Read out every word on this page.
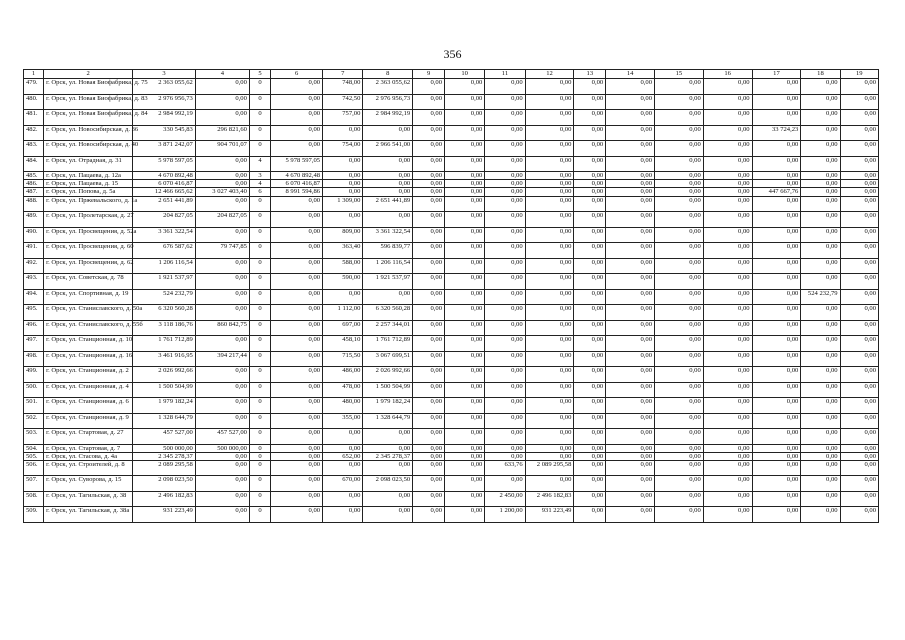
356
1	2	3	4	5	6	7	8	9	10	11	12	13	14	15	16	17	18	19
479.	г. Орск, ул. Новая Биофабрика, д. 75	2 363 055,62	0,00	0	0,00	748,00	2 363 055,62	0,00	0,00	0,00	0,00	0,00	0,00	0,00	0,00	0,00	0,00	0,00
480.	г. Орск, ул. Новая Биофабрика, д. 83	2 976 956,73	0,00	0	0,00	742,50	2 976 956,73	0,00	0,00	0,00	0,00	0,00	0,00	0,00	0,00	0,00	0,00	0,00
481.	г. Орск, ул. Новая Биофабрика, д. 84	2 984 992,19	0,00	0	0,00	757,00	2 984 992,19	0,00	0,00	0,00	0,00	0,00	0,00	0,00	0,00	0,00	0,00	0,00
482.	г. Орск, ул. Новосибирская, д. 36	330 545,83	296 821,60	0	0,00	0,00	0,00	0,00	0,00	0,00	0,00	0,00	0,00	0,00	0,00	33 724,23	0,00	0,00
483.	г. Орск, ул. Новосибирская, д. 40	3 871 242,07	904 701,07	0	0,00	754,00	2 966 541,00	0,00	0,00	0,00	0,00	0,00	0,00	0,00	0,00	0,00	0,00	0,00
484.	г. Орск, ул. Отрадная, д. 31	5 978 597,05	0,00	4	5 978 597,05	0,00	0,00	0,00	0,00	0,00	0,00	0,00	0,00	0,00	0,00	0,00	0,00	0,00
485.	г. Орск, ул. Пацаева, д. 12а	4 670 892,48	0,00	3	4 670 892,48	0,00	0,00	0,00	0,00	0,00	0,00	0,00	0,00	0,00	0,00	0,00	0,00	0,00
486.	г. Орск, ул. Пацаева, д. 15	6 070 416,87	0,00	4	6 070 416,87	0,00	0,00	0,00	0,00	0,00	0,00	0,00	0,00	0,00	0,00	0,00	0,00	0,00
487.	г. Орск, ул. Попова, д. 5а	12 466 665,62	3 027 403,40	6	8 991 594,86	0,00	0,00	0,00	0,00	0,00	0,00	0,00	0,00	0,00	0,00	447 667,76	0,00	0,00
488.	г. Орск, ул. Пржевальского, д. 1а	2 651 441,89	0,00	0	0,00	1 309,00	2 651 441,89	0,00	0,00	0,00	0,00	0,00	0,00	0,00	0,00	0,00	0,00	0,00
489.	г. Орск, ул. Пролетарская, д. 27	204 827,05	204 827,05	0	0,00	0,00	0,00	0,00	0,00	0,00	0,00	0,00	0,00	0,00	0,00	0,00	0,00	0,00
490.	г. Орск, ул. Просвещения, д. 52а	3 361 322,54	0,00	0	0,00	809,00	3 361 322,54	0,00	0,00	0,00	0,00	0,00	0,00	0,00	0,00	0,00	0,00	0,00
491.	г. Орск, ул. Просвещения, д. 60	676 587,62	79 747,85	0	0,00	363,40	596 839,77	0,00	0,00	0,00	0,00	0,00	0,00	0,00	0,00	0,00	0,00	0,00
492.	г. Орск, ул. Просвещения, д. 62	1 206 116,54	0,00	0	0,00	588,00	1 206 116,54	0,00	0,00	0,00	0,00	0,00	0,00	0,00	0,00	0,00	0,00	0,00
493.	г. Орск, ул. Советская, д. 78	1 921 537,97	0,00	0	0,00	590,00	1 921 537,97	0,00	0,00	0,00	0,00	0,00	0,00	0,00	0,00	0,00	0,00	0,00
494.	г. Орск, ул. Спортивная, д. 19	524 232,79	0,00	0	0,00	0,00	0,00	0,00	0,00	0,00	0,00	0,00	0,00	0,00	0,00	0,00	524 232,79	0,00
495.	г. Орск, ул. Станиславского, д. 50а	6 320 560,28	0,00	0	0,00	1 112,00	6 320 560,28	0,00	0,00	0,00	0,00	0,00	0,00	0,00	0,00	0,00	0,00	0,00
496.	г. Орск, ул. Станиславского, д. 55б	3 118 186,76	860 842,75	0	0,00	697,00	2 257 344,01	0,00	0,00	0,00	0,00	0,00	0,00	0,00	0,00	0,00	0,00	0,00
497.	г. Орск, ул. Станционная, д. 10	1 761 712,89	0,00	0	0,00	458,10	1 761 712,89	0,00	0,00	0,00	0,00	0,00	0,00	0,00	0,00	0,00	0,00	0,00
498.	г. Орск, ул. Станционная, д. 16	3 461 916,95	394 217,44	0	0,00	715,50	3 067 699,51	0,00	0,00	0,00	0,00	0,00	0,00	0,00	0,00	0,00	0,00	0,00
499.	г. Орск, ул. Станционная, д. 2	2 026 992,66	0,00	0	0,00	486,00	2 026 992,66	0,00	0,00	0,00	0,00	0,00	0,00	0,00	0,00	0,00	0,00	0,00
500.	г. Орск, ул. Станционная, д. 4	1 500 504,99	0,00	0	0,00	478,00	1 500 504,99	0,00	0,00	0,00	0,00	0,00	0,00	0,00	0,00	0,00	0,00	0,00
501.	г. Орск, ул. Станционная, д. 6	1 979 182,24	0,00	0	0,00	480,00	1 979 182,24	0,00	0,00	0,00	0,00	0,00	0,00	0,00	0,00	0,00	0,00	0,00
502.	г. Орск, ул. Станционная, д. 9	1 328 644,79	0,00	0	0,00	355,00	1 328 644,79	0,00	0,00	0,00	0,00	0,00	0,00	0,00	0,00	0,00	0,00	0,00
503.	г. Орск, ул. Стартовая, д. 27	457 527,00	457 527,00	0	0,00	0,00	0,00	0,00	0,00	0,00	0,00	0,00	0,00	0,00	0,00	0,00	0,00	0,00
504.	г. Орск, ул. Стартовая, д. 7	500 000,00	500 000,00	0	0,00	0,00	0,00	0,00	0,00	0,00	0,00	0,00	0,00	0,00	0,00	0,00	0,00	0,00
505.	г. Орск, ул. Стасова, д. 4а	2 345 278,37	0,00	0	0,00	652,00	2 345 278,37	0,00	0,00	0,00	0,00	0,00	0,00	0,00	0,00	0,00	0,00	0,00
506.	г. Орск, ул. Строителей, д. 8	2 089 295,58	0,00	0	0,00	0,00	0,00	0,00	0,00	633,76	2 089 295,58	0,00	0,00	0,00	0,00	0,00	0,00	0,00
507.	г. Орск, ул. Суворова, д. 15	2 098 023,50	0,00	0	0,00	670,00	2 098 023,50	0,00	0,00	0,00	0,00	0,00	0,00	0,00	0,00	0,00	0,00	0,00
508.	г. Орск, ул. Тагильская, д. 38	2 496 182,83	0,00	0	0,00	0,00	0,00	0,00	0,00	2 450,00	2 496 182,83	0,00	0,00	0,00	0,00	0,00	0,00	0,00
509.	г. Орск, ул. Тагильская, д. 38а	931 223,49	0,00	0	0,00	0,00	0,00	0,00	0,00	1 200,00	931 223,49	0,00	0,00	0,00	0,00	0,00	0,00	0,00
